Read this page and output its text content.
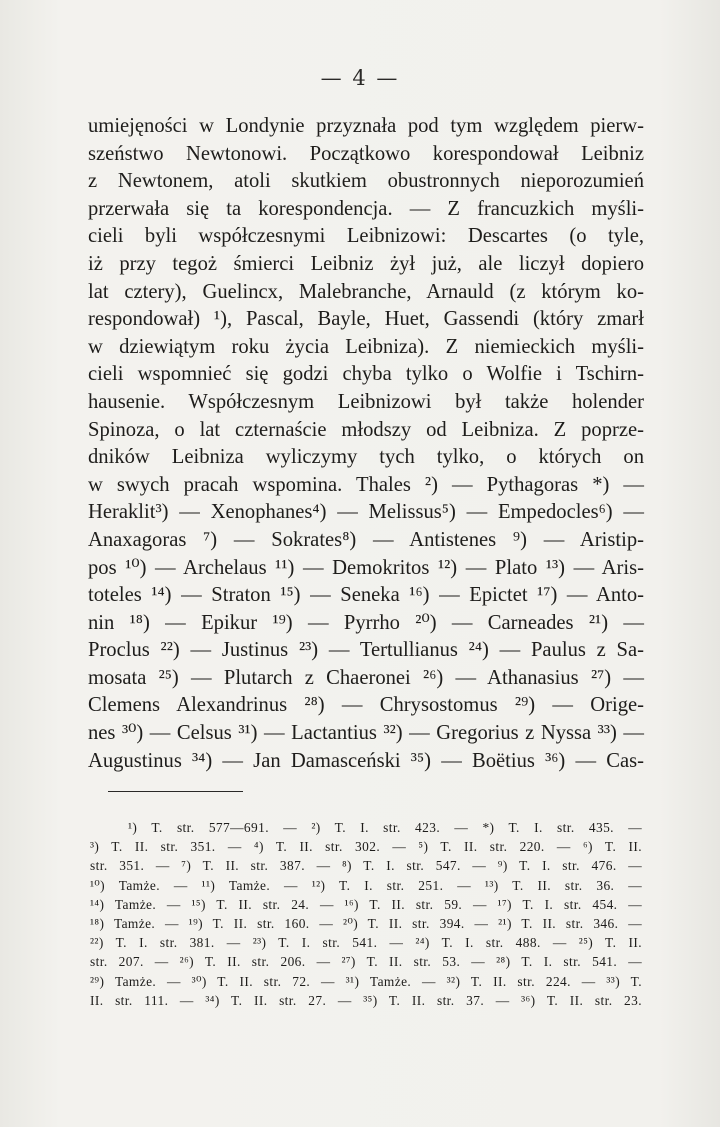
— 4 —
umiejęności w Londynie przyznała pod tym względem pierw-
szeństwo Newtonowi. Początkowo korespondował Leibniz
z Newtonem, atoli skutkiem obustronnych nieporozumień
przerwała się ta korespondencja. — Z francuzkich myśli-
cieli byli współczesnymi Leibnizowi: Descartes (o tyle,
iż przy tegoż śmierci Leibniz żył już, ale liczył dopiero
lat cztery), Guelincx, Malebranche, Arnauld (z którym ko-
respondował) ¹), Pascal, Bayle, Huet, Gassendi (który zmarł
w dziewiątym roku życia Leibniza). Z niemieckich myśli-
cieli wspomnieć się godzi chyba tylko o Wolfie i Tschirn-
hausenie. Współczesnym Leibnizowi był także holender
Spinoza, o lat czternaście młodszy od Leibniza. Z poprze-
dników Leibniza wyliczymy tych tylko, o których on
w swych pracah wspomina. Thales ²) — Pythagoras *) —
Heraklit³) — Xenophanes⁴) — Melissus⁵) — Empedocles⁶) —
Anaxagoras ⁷) — Sokrates⁸) — Antistenes ⁹) — Aristip-
pos ¹⁰) — Archelaus ¹¹) — Demokritos ¹²) — Plato ¹³) — Aris-
toteles ¹⁴) — Straton ¹⁵) — Seneka ¹⁶) — Epictet ¹⁷) — Anto-
nin ¹⁸) — Epikur ¹⁹) — Pyrrho ²⁰) — Carneades ²¹) —
Proclus ²²) — Justinus ²³) — Tertullianus ²⁴) — Paulus z Sa-
mosata ²⁵) — Plutarch z Chaeronei ²⁶) — Athanasius ²⁷) —
Clemens Alexandrinus ²⁸) — Chrysostomus ²⁹) — Origе-
nes ³⁰) — Celsus ³¹) — Lactantius ³²) — Gregorius z Nyssa ³³) —
Augustinus ³⁴) — Jan Damasceński ³⁵) — Boëtius ³⁶) — Cas-
¹) T. str. 577—691. — ²) T. I. str. 423. — *) T. I. str. 435. —
³) T. II. str. 351. — ⁴) T. II. str. 302. — ⁵) T. II. str. 220. — ⁶) T. II.
str. 351. — ⁷) T. II. str. 387. — ⁸) T. I. str. 547. — ⁹) T. I. str. 476. —
¹⁰) Tamże. — ¹¹) Tamże. — ¹²) T. I. str. 251. — ¹³) T. II. str. 36. —
¹⁴) Tamże. — ¹⁵) T. II. str. 24. — ¹⁶) T. II. str. 59. — ¹⁷) T. I. str. 454. —
¹⁸) Tamże. — ¹⁹) T. II. str. 160. — ²⁰) T. II. str. 394. — ²¹) T. II. str. 346. —
²²) T. I. str. 381. — ²³) T. I. str. 541. — ²⁴) T. I. str. 488. — ²⁵) T. II.
str. 207. — ²⁶) T. II. str. 206. — ²⁷) T. II. str. 53. — ²⁸) T. I. str. 541. —
²⁹) Tamże. — ³⁰) T. II. str. 72. — ³¹) Tamże. — ³²) T. II. str. 224. — ³³) T.
II. str. 111. — ³⁴) T. II. str. 27. — ³⁵) T. II. str. 37. — ³⁶) T. II. str. 23.
